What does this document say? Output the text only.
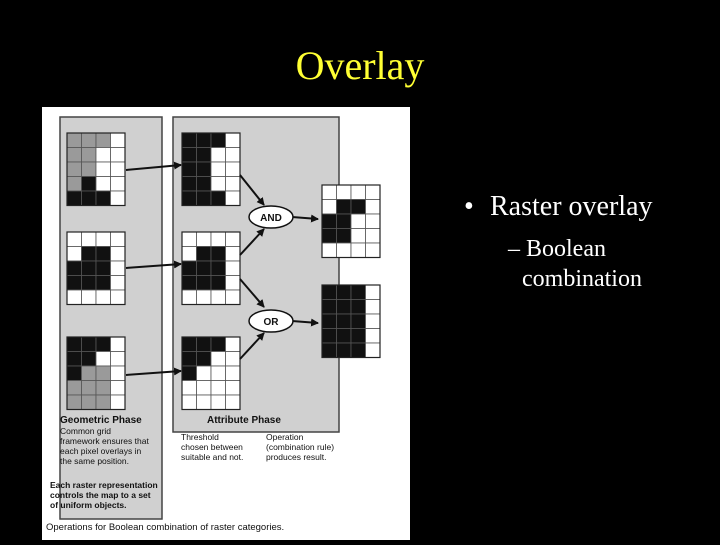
Overlay
AND
OR
Geometric Phase
Common grid
framework ensures that
each pixel overlays in
the same position.
Attribute Phase
Threshold
chosen between
suitable and not.
Operation
(combination rule)
produces result.
Each raster representation
controls the map to a set
of uniform objects.
Operations for Boolean combination of raster categories.
• Raster overlay
– Boolean
combination
